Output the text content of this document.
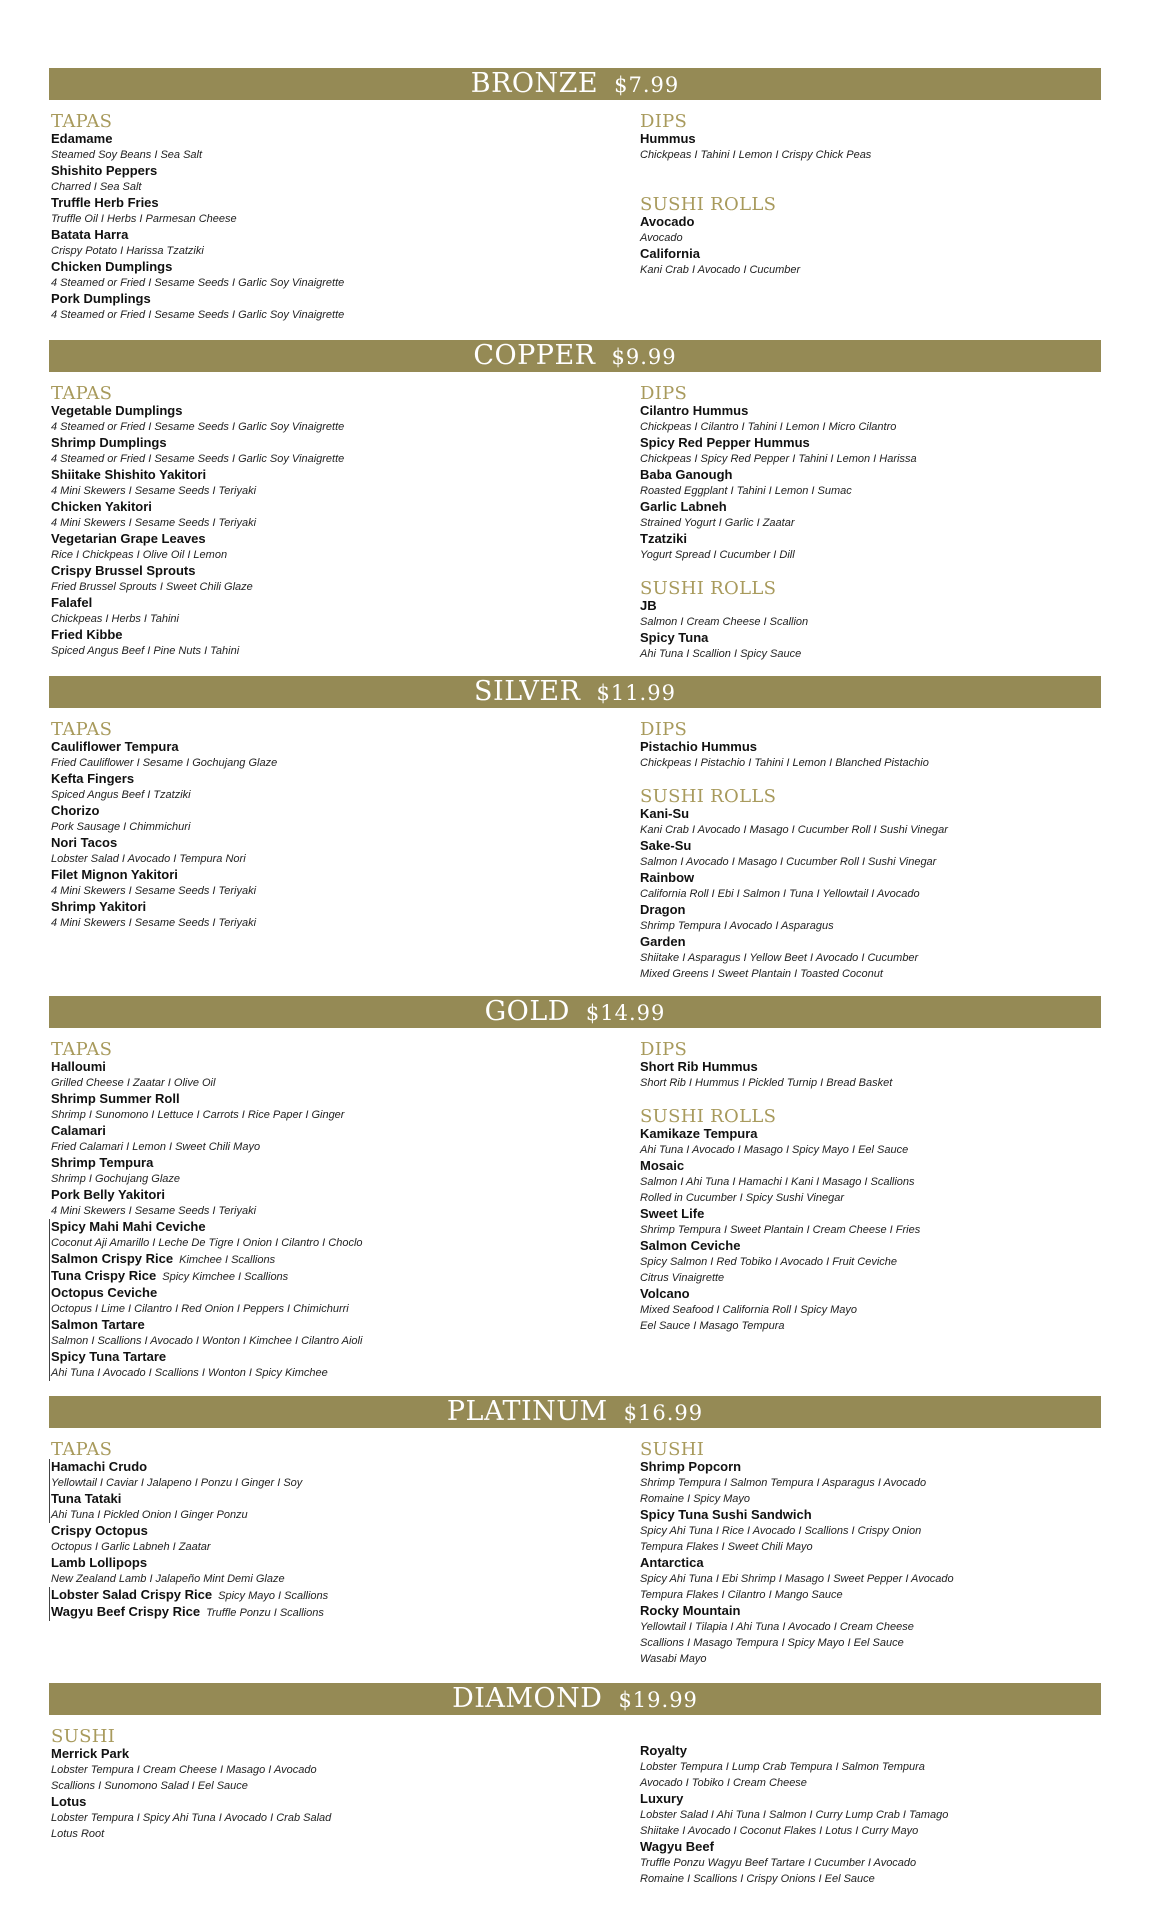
BRONZE $7.99
TAPAS
Edamame
Steamed Soy Beans I Sea Salt
Shishito Peppers
Charred I Sea Salt
Truffle Herb Fries
Truffle Oil I Herbs I Parmesan Cheese
Batata Harra
Crispy Potato I Harissa Tzatziki
Chicken Dumplings
4 Steamed or Fried I Sesame Seeds I Garlic Soy Vinaigrette
Pork Dumplings
4 Steamed or Fried I Sesame Seeds I Garlic Soy Vinaigrette
DIPS
Hummus
Chickpeas I Tahini I Lemon I Crispy Chick Peas
SUSHI ROLLS
Avocado
Avocado
California
Kani Crab I Avocado I Cucumber
COPPER $9.99
TAPAS
Vegetable Dumplings
4 Steamed or Fried I Sesame Seeds I Garlic Soy Vinaigrette
Shrimp Dumplings
4 Steamed or Fried I Sesame Seeds I Garlic Soy Vinaigrette
Shiitake Shishito Yakitori
4 Mini Skewers I Sesame Seeds I Teriyaki
Chicken Yakitori
4 Mini Skewers I Sesame Seeds I Teriyaki
Vegetarian Grape Leaves
Rice I Chickpeas I Olive Oil I Lemon
Crispy Brussel Sprouts
Fried Brussel Sprouts I Sweet Chili Glaze
Falafel
Chickpeas I Herbs I Tahini
Fried Kibbe
Spiced Angus Beef I Pine Nuts I Tahini
DIPS
Cilantro Hummus
Chickpeas I Cilantro I Tahini I Lemon I Micro Cilantro
Spicy Red Pepper Hummus
Chickpeas I Spicy Red Pepper I Tahini I Lemon I Harissa
Baba Ganough
Roasted Eggplant I Tahini I Lemon I Sumac
Garlic Labneh
Strained Yogurt I Garlic I Zaatar
Tzatziki
Yogurt Spread I Cucumber I Dill
SUSHI ROLLS
JB
Salmon I Cream Cheese I Scallion
Spicy Tuna
Ahi Tuna I Scallion I Spicy Sauce
SILVER $11.99
TAPAS
Cauliflower Tempura
Fried Cauliflower I Sesame I Gochujang Glaze
Kefta Fingers
Spiced Angus Beef I Tzatziki
Chorizo
Pork Sausage I Chimmichuri
Nori Tacos
Lobster Salad I Avocado I Tempura Nori
Filet Mignon Yakitori
4 Mini Skewers I Sesame Seeds I Teriyaki
Shrimp Yakitori
4 Mini Skewers I Sesame Seeds I Teriyaki
DIPS
Pistachio Hummus
Chickpeas I Pistachio I Tahini I Lemon I Blanched Pistachio
SUSHI ROLLS
Kani-Su
Kani Crab I Avocado I Masago I Cucumber Roll I Sushi Vinegar
Sake-Su
Salmon I Avocado I Masago I Cucumber Roll I Sushi Vinegar
Rainbow
California Roll I Ebi I Salmon I Tuna I Yellowtail I Avocado
Dragon
Shrimp Tempura I Avocado I Asparagus
Garden
Shiitake I Asparagus I Yellow Beet I Avocado I Cucumber
Mixed Greens I Sweet Plantain I Toasted Coconut
GOLD $14.99
TAPAS
Halloumi
Grilled Cheese I Zaatar I Olive Oil
Shrimp Summer Roll
Shrimp I Sunomono I Lettuce I Carrots I Rice Paper I Ginger
Calamari
Fried Calamari I Lemon I Sweet Chili Mayo
Shrimp Tempura
Shrimp I Gochujang Glaze
Pork Belly Yakitori
4 Mini Skewers I Sesame Seeds I Teriyaki
Spicy Mahi Mahi Ceviche
Coconut Aji Amarillo I Leche De Tigre I Onion I Cilantro I Choclo
Salmon Crispy Rice Kimchee I Scallions
Tuna Crispy Rice Spicy Kimchee I Scallions
Octopus Ceviche
Octopus I Lime I Cilantro I Red Onion I Peppers I Chimichurri
Salmon Tartare
Salmon I Scallions I Avocado I Wonton I Kimchee I Cilantro Aioli
Spicy Tuna Tartare
Ahi Tuna I Avocado I Scallions I Wonton I Spicy Kimchee
DIPS
Short Rib Hummus
Short Rib I Hummus I Pickled Turnip I Bread Basket
SUSHI ROLLS
Kamikaze Tempura
Ahi Tuna I Avocado I Masago I Spicy Mayo I Eel Sauce
Mosaic
Salmon I Ahi Tuna I Hamachi I Kani I Masago I Scallions
Rolled in Cucumber I Spicy Sushi Vinegar
Sweet Life
Shrimp Tempura I Sweet Plantain I Cream Cheese I Fries
Salmon Ceviche
Spicy Salmon I Red Tobiko I Avocado I Fruit Ceviche
Citrus Vinaigrette
Volcano
Mixed Seafood I California Roll I Spicy Mayo
Eel Sauce I Masago Tempura
PLATINUM $16.99
TAPAS
Hamachi Crudo
Yellowtail I Caviar I Jalapeno I Ponzu I Ginger I Soy
Tuna Tataki
Ahi Tuna I Pickled Onion I Ginger Ponzu
Crispy Octopus
Octopus I Garlic Labneh I Zaatar
Lamb Lollipops
New Zealand Lamb I Jalapeño Mint Demi Glaze
Lobster Salad Crispy Rice Spicy Mayo I Scallions
Wagyu Beef Crispy Rice Truffle Ponzu I Scallions
SUSHI
Shrimp Popcorn
Shrimp Tempura I Salmon Tempura I Asparagus I Avocado
Romaine I Spicy Mayo
Spicy Tuna Sushi Sandwich
Spicy Ahi Tuna I Rice I Avocado I Scallions I Crispy Onion
Tempura Flakes I Sweet Chili Mayo
Antarctica
Spicy Ahi Tuna I Ebi Shrimp I Masago I Sweet Pepper I Avocado
Tempura Flakes I Cilantro I Mango Sauce
Rocky Mountain
Yellowtail I Tilapia I Ahi Tuna I Avocado I Cream Cheese
Scallions I Masago Tempura I Spicy Mayo I Eel Sauce
Wasabi Mayo
DIAMOND $19.99
SUSHI
Merrick Park
Lobster Tempura I Cream Cheese I Masago I Avocado
Scallions I Sunomono Salad I Eel Sauce
Lotus
Lobster Tempura I Spicy Ahi Tuna I Avocado I Crab Salad
Lotus Root
Royalty
Lobster Tempura I Lump Crab Tempura I Salmon Tempura
Avocado I Tobiko I Cream Cheese
Luxury
Lobster Salad I Ahi Tuna I Salmon I Curry Lump Crab I Tamago
Shiitake I Avocado I Coconut Flakes I Lotus I Curry Mayo
Wagyu Beef
Truffle Ponzu Wagyu Beef Tartare I Cucumber I Avocado
Romaine I Scallions I Crispy Onions I Eel Sauce
